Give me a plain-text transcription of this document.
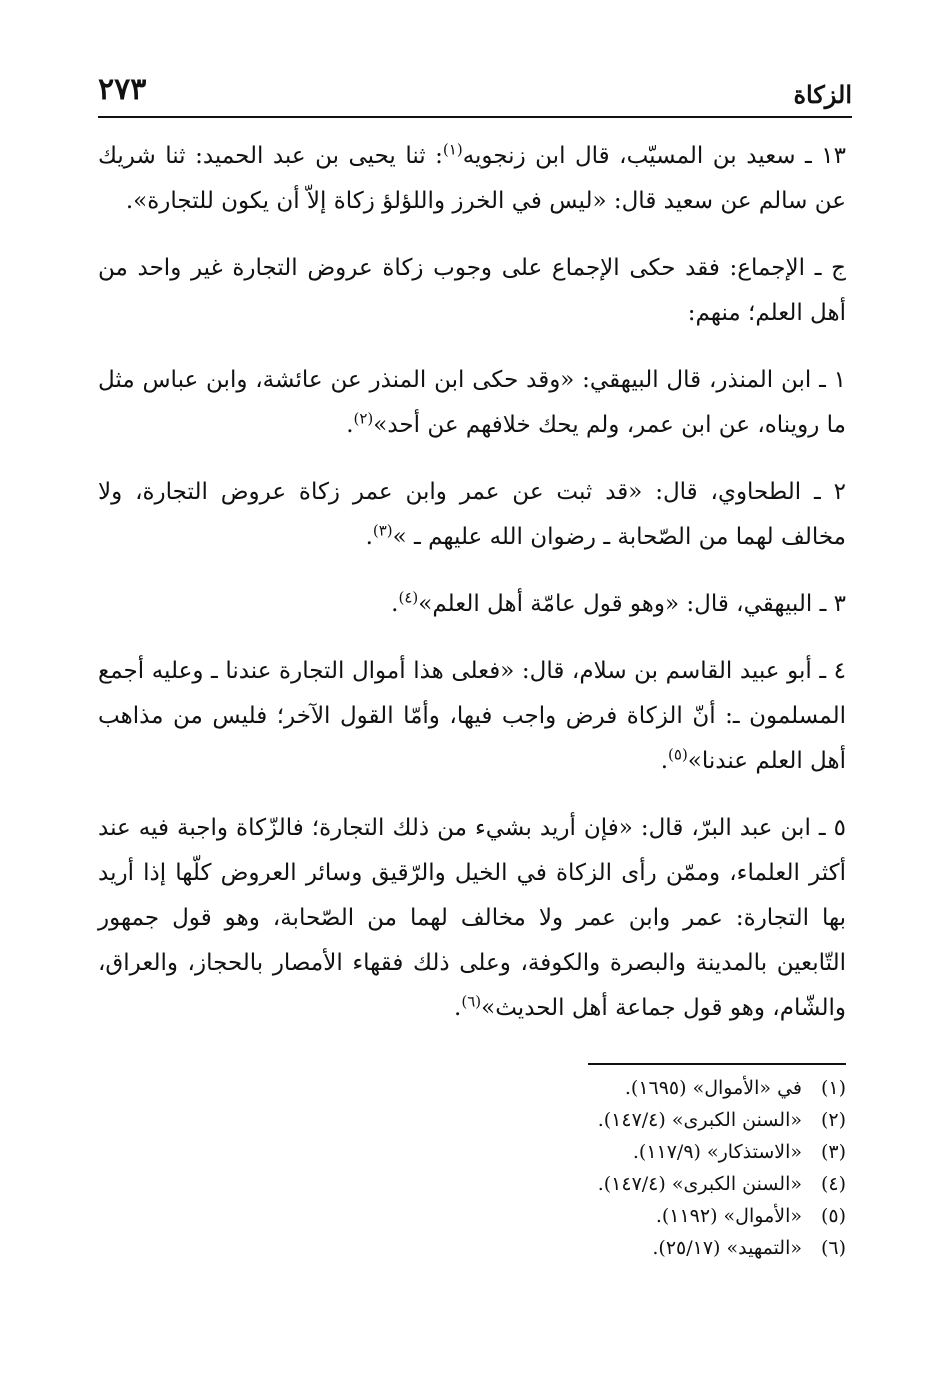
الزكاة
٢٧٣

١٣ ـ سعيد بن المسيّب، قال ابن زنجويه$^{(١)}$: ثنا يحيى بن عبد الحميد: ثنا شريك عن سالم عن سعيد قال: «ليس في الخرز واللؤلؤ زكاة إلاّ أن يكون للتجارة».

ج ـ الإجماع: فقد حكى الإجماع على وجوب زكاة عروض التجارة غير واحد من أهل العلم؛ منهم:

١ ـ ابن المنذر، قال البيهقي: «وقد حكى ابن المنذر عن عائشة، وابن عباس مثل ما رويناه، عن ابن عمر، ولم يحك خلافهم عن أحد»$^{(٢)}$.

٢ ـ الطحاوي، قال: «قد ثبت عن عمر وابن عمر زكاة عروض التجارة، ولا مخالف لهما من الصّحابة ـ رضوان الله عليهم ـ »$^{(٣)}$.

٣ ـ البيهقي، قال: «وهو قول عامّة أهل العلم»$^{(٤)}$.

٤ ـ أبو عبيد القاسم بن سلام، قال: «فعلى هذا أموال التجارة عندنا ـ وعليه أجمع المسلمون ـ: أنّ الزكاة فرض واجب فيها، وأمّا القول الآخر؛ فليس من مذاهب أهل العلم عندنا»$^{(٥)}$.

٥ ـ ابن عبد البرّ، قال: «فإن أريد بشيء من ذلك التجارة؛ فالزّكاة واجبة فيه عند أكثر العلماء، وممّن رأى الزكاة في الخيل والرّقيق وسائر العروض كلّها إذا أريد بها التجارة: عمر وابن عمر ولا مخالف لهما من الصّحابة، وهو قول جمهور التّابعين بالمدينة والبصرة والكوفة، وعلى ذلك فقهاء الأمصار بالحجاز، والعراق، والشّام، وهو قول جماعة أهل الحديث»$^{(٦)}$.

(١)
في «الأموال» (١٦٩٥).
(٢)
«السنن الكبرى» (١٤٧/٤).
(٣)
«الاستذكار» (١١٧/٩).
(٤)
«السنن الكبرى» (١٤٧/٤).
(٥)
«الأموال» (١١٩٢).
(٦)
«التمهيد» (٢٥/١٧).
